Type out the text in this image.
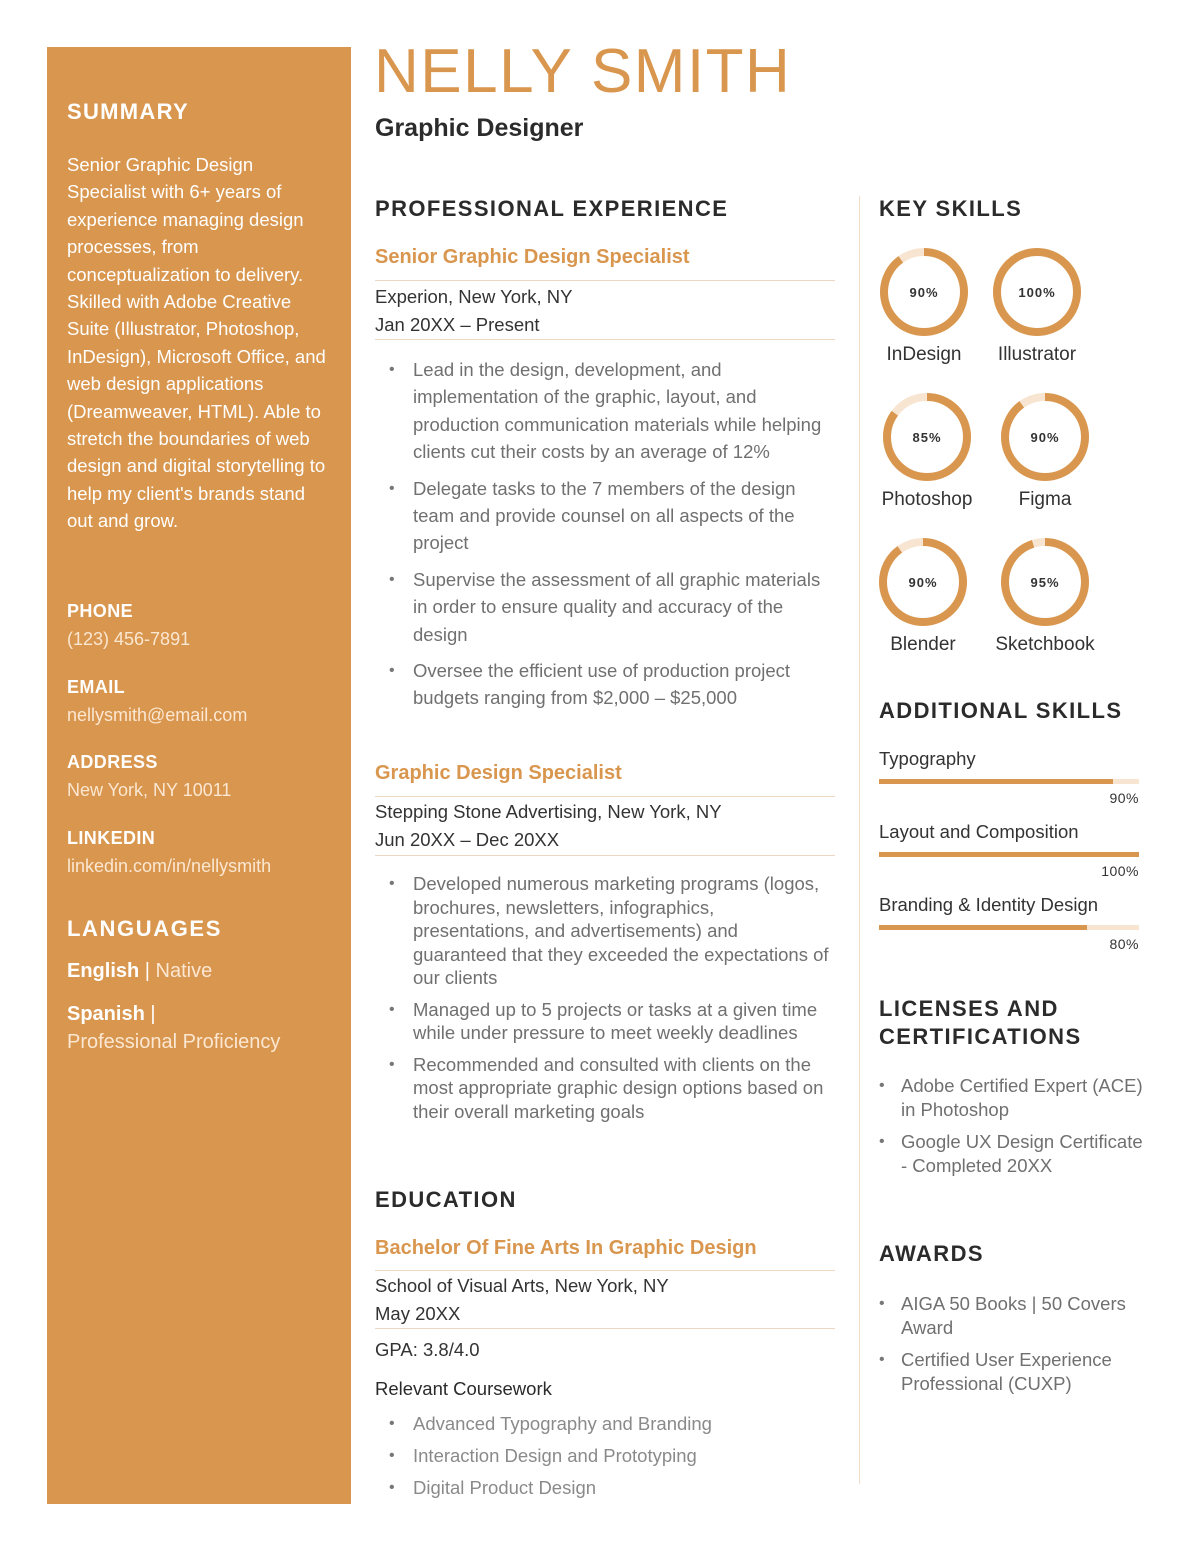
SUMMARY
Senior Graphic Design Specialist with 6+ years of experience managing design processes, from conceptualization to delivery. Skilled with Adobe Creative Suite (Illustrator, Photoshop, InDesign), Microsoft Office, and web design applications (Dreamweaver, HTML). Able to stretch the boundaries of web design and digital storytelling to help my client's brands stand out and grow.
PHONE
(123) 456-7891
EMAIL
nellysmith@email.com
ADDRESS
New York, NY 10011
LINKEDIN
linkedin.com/in/nellysmith
LANGUAGES
English | Native
Spanish |
Professional Proficiency
NELLY SMITH
Graphic Designer
PROFESSIONAL EXPERIENCE
Senior Graphic Design Specialist
Experion, New York, NY
Jan 20XX – Present
• Lead in the design, development, and implementation of the graphic, layout, and production communication materials while helping clients cut their costs by an average of 12%
• Delegate tasks to the 7 members of the design team and provide counsel on all aspects of the project
• Supervise the assessment of all graphic materials in order to ensure quality and accuracy of the design
• Oversee the efficient use of production project budgets ranging from $2,000 – $25,000
Graphic Design Specialist
Stepping Stone Advertising, New York, NY
Jun 20XX – Dec 20XX
• Developed numerous marketing programs (logos, brochures, newsletters, infographics, presentations, and advertisements) and guaranteed that they exceeded the expectations of our clients
• Managed up to 5 projects or tasks at a given time while under pressure to meet weekly deadlines
• Recommended and consulted with clients on the most appropriate graphic design options based on their overall marketing goals
EDUCATION
Bachelor Of Fine Arts In Graphic Design
School of Visual Arts, New York, NY
May 20XX
GPA: 3.8/4.0
Relevant Coursework
• Advanced Typography and Branding
• Interaction Design and Prototyping
• Digital Product Design
KEY SKILLS
90%
InDesign
100%
Illustrator
85%
Photoshop
90%
Figma
90%
Blender
95%
Sketchbook
ADDITIONAL SKILLS
Typography
90%
Layout and Composition
100%
Branding & Identity Design
80%
LICENSES AND
CERTIFICATIONS
• Adobe Certified Expert (ACE) in Photoshop
• Google UX Design Certificate - Completed 20XX
AWARDS
• AIGA 50 Books | 50 Covers Award
• Certified User Experience Professional (CUXP)
